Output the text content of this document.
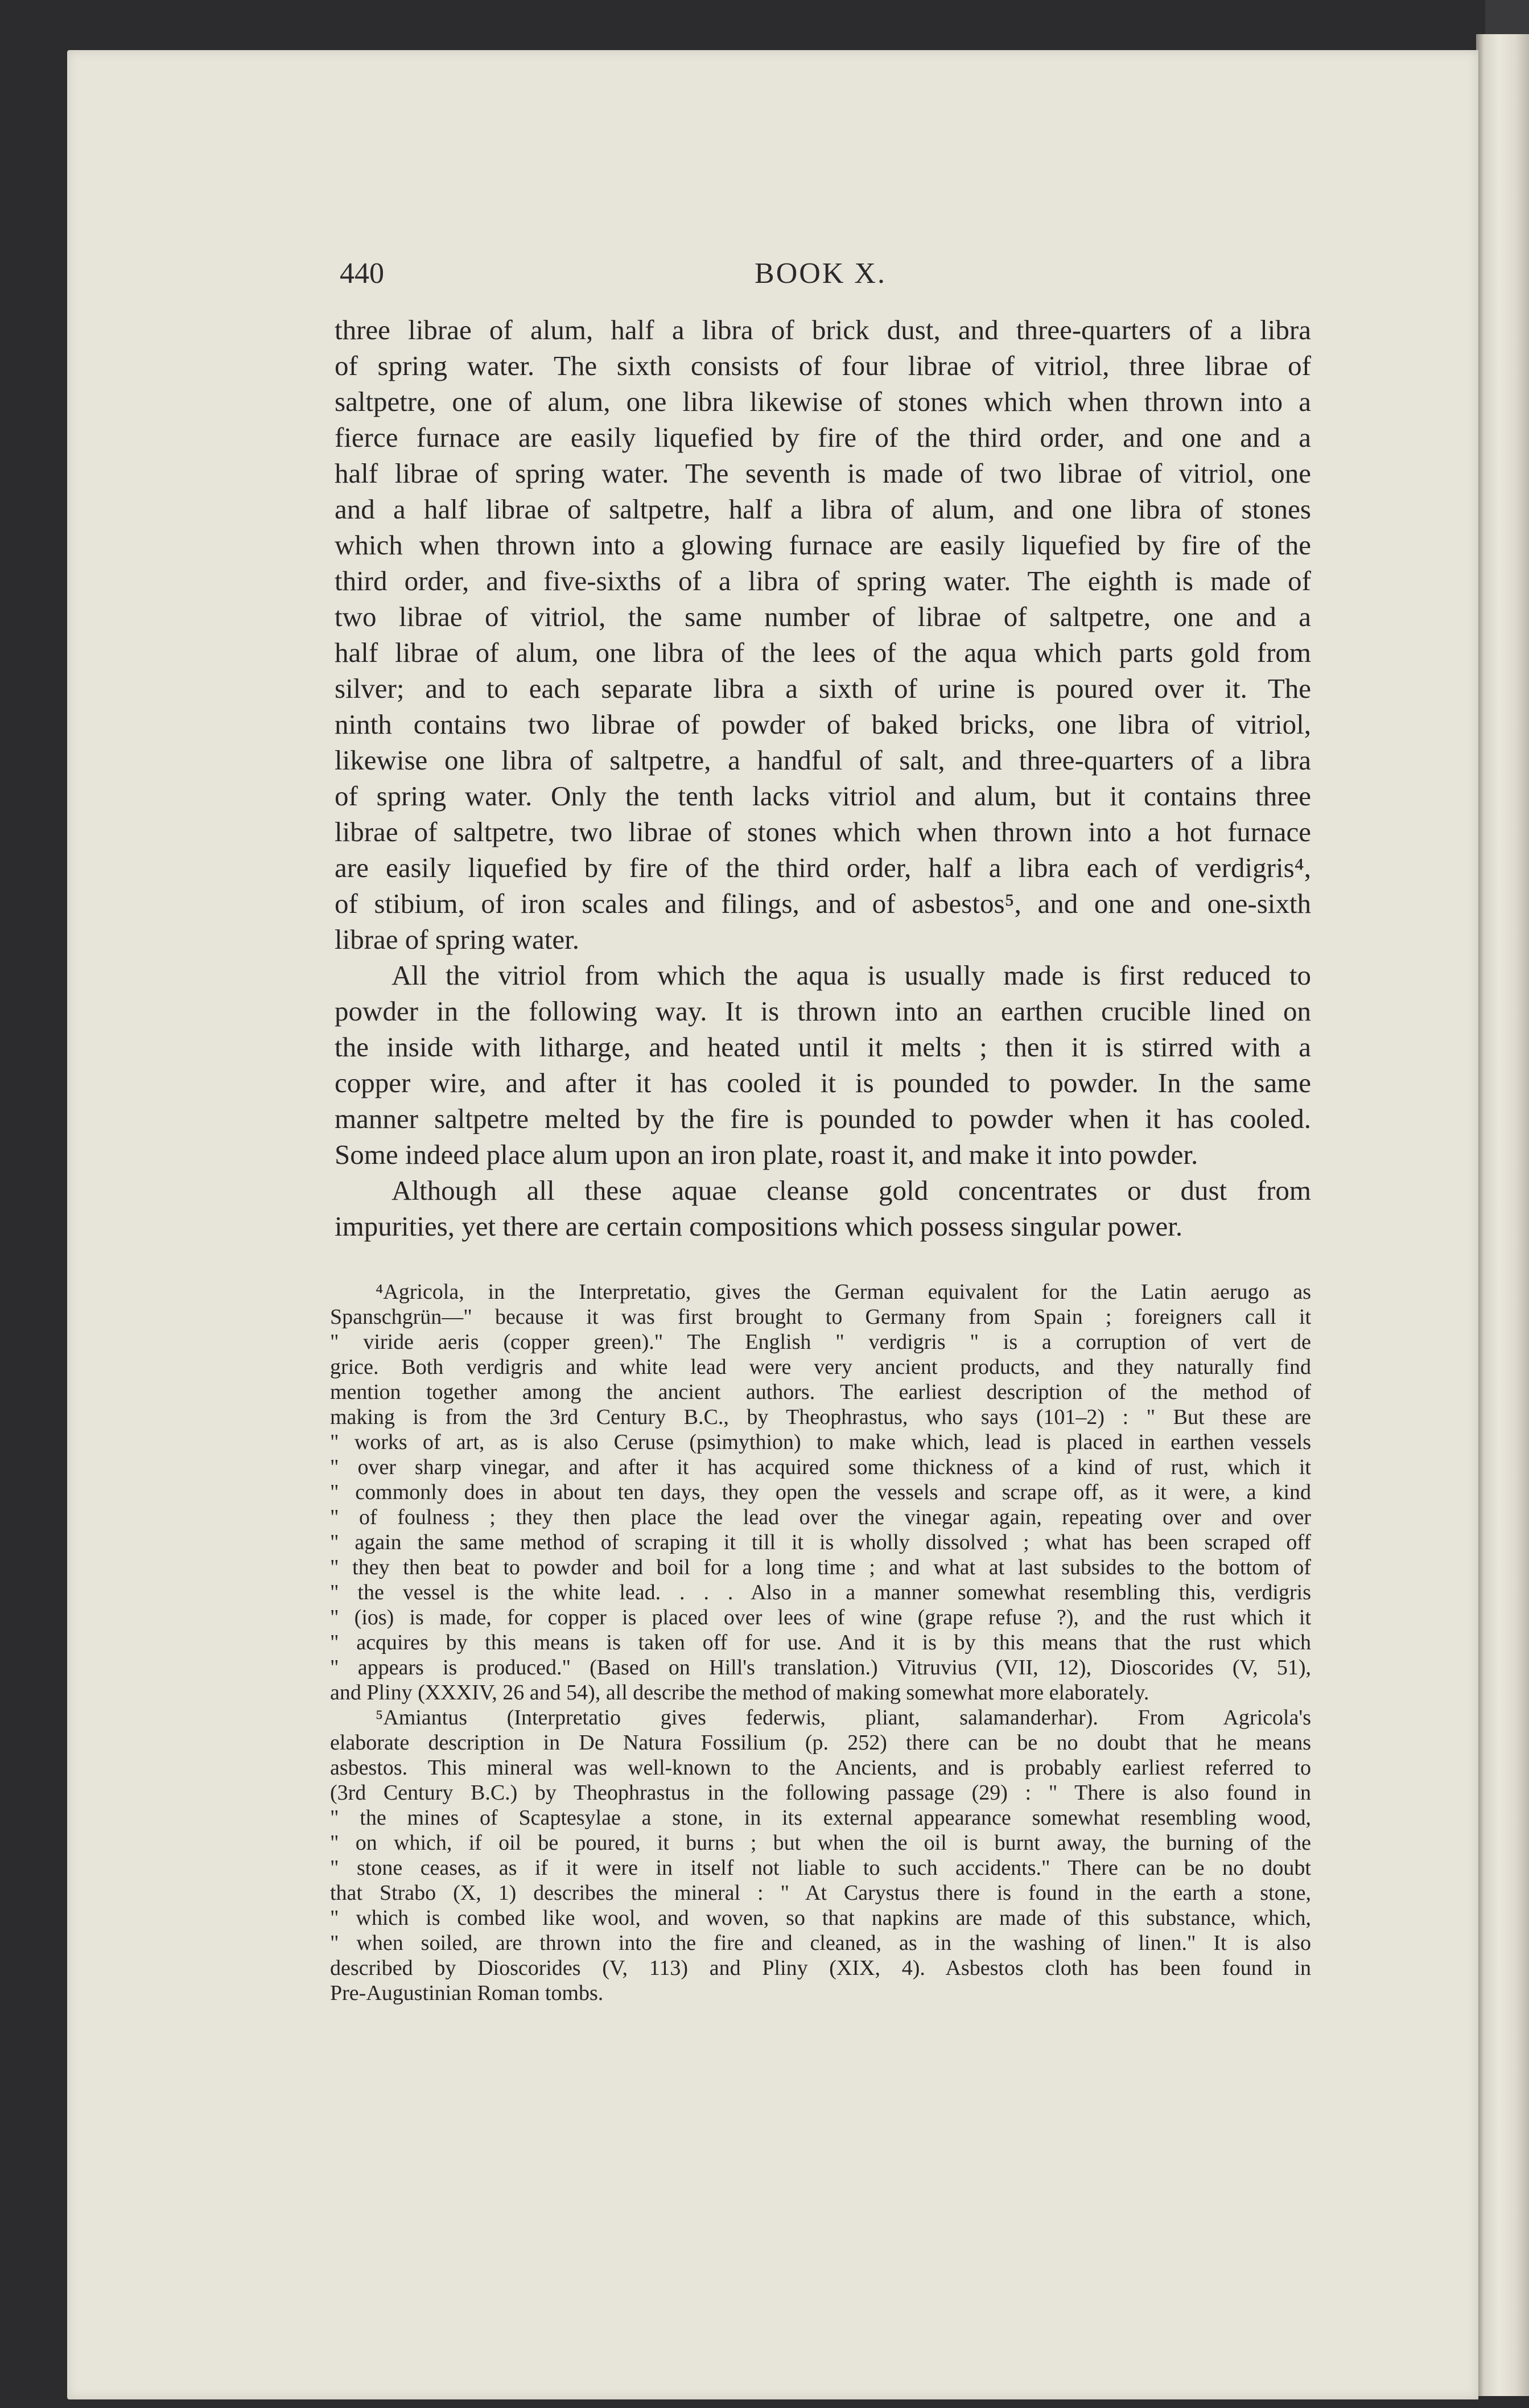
440	BOOK X.
three librae of alum, half a libra of brick dust, and three-quarters of a libra
of spring water. The sixth consists of four librae of vitriol, three librae of
saltpetre, one of alum, one libra likewise of stones which when thrown into a
fierce furnace are easily liquefied by fire of the third order, and one and a
half librae of spring water. The seventh is made of two librae of vitriol, one
and a half librae of saltpetre, half a libra of alum, and one libra of stones
which when thrown into a glowing furnace are easily liquefied by fire of the
third order, and five-sixths of a libra of spring water. The eighth is made of
two librae of vitriol, the same number of librae of saltpetre, one and a
half librae of alum, one libra of the lees of the aqua which parts gold from
silver; and to each separate libra a sixth of urine is poured over it. The
ninth contains two librae of powder of baked bricks, one libra of vitriol,
likewise one libra of saltpetre, a handful of salt, and three-quarters of a libra
of spring water. Only the tenth lacks vitriol and alum, but it contains three
librae of saltpetre, two librae of stones which when thrown into a hot furnace
are easily liquefied by fire of the third order, half a libra each of verdigris⁴,
of stibium, of iron scales and filings, and of asbestos⁵, and one and one-sixth
librae of spring water.
All the vitriol from which the aqua is usually made is first reduced to
powder in the following way. It is thrown into an earthen crucible lined on
the inside with litharge, and heated until it melts ; then it is stirred with a
copper wire, and after it has cooled it is pounded to powder. In the same
manner saltpetre melted by the fire is pounded to powder when it has cooled.
Some indeed place alum upon an iron plate, roast it, and make it into powder.
Although all these aquae cleanse gold concentrates or dust from
impurities, yet there are certain compositions which possess singular power.
⁴Agricola, in the Interpretatio, gives the German equivalent for the Latin aerugo as
Spanschgrün—" because it was first brought to Germany from Spain ; foreigners call it
" viride aeris (copper green)." The English " verdigris " is a corruption of vert de
grice. Both verdigris and white lead were very ancient products, and they naturally find
mention together among the ancient authors. The earliest description of the method of
making is from the 3rd Century B.C., by Theophrastus, who says (101–2) : " But these are
" works of art, as is also Ceruse (psimythion) to make which, lead is placed in earthen vessels
" over sharp vinegar, and after it has acquired some thickness of a kind of rust, which it
" commonly does in about ten days, they open the vessels and scrape off, as it were, a kind
" of foulness ; they then place the lead over the vinegar again, repeating over and over
" again the same method of scraping it till it is wholly dissolved ; what has been scraped off
" they then beat to powder and boil for a long time ; and what at last subsides to the bottom of
" the vessel is the white lead. . . . Also in a manner somewhat resembling this, verdigris
" (ios) is made, for copper is placed over lees of wine (grape refuse ?), and the rust which it
" acquires by this means is taken off for use. And it is by this means that the rust which
" appears is produced." (Based on Hill's translation.) Vitruvius (VII, 12), Dioscorides (V, 51),
and Pliny (XXXIV, 26 and 54), all describe the method of making somewhat more elaborately.
⁵Amiantus (Interpretatio gives federwis, pliant, salamanderhar). From Agricola's
elaborate description in De Natura Fossilium (p. 252) there can be no doubt that he means
asbestos. This mineral was well-known to the Ancients, and is probably earliest referred to
(3rd Century B.C.) by Theophrastus in the following passage (29) : " There is also found in
" the mines of Scaptesylae a stone, in its external appearance somewhat resembling wood,
" on which, if oil be poured, it burns ; but when the oil is burnt away, the burning of the
" stone ceases, as if it were in itself not liable to such accidents." There can be no doubt
that Strabo (X, 1) describes the mineral : " At Carystus there is found in the earth a stone,
" which is combed like wool, and woven, so that napkins are made of this substance, which,
" when soiled, are thrown into the fire and cleaned, as in the washing of linen." It is also
described by Dioscorides (V, 113) and Pliny (XIX, 4). Asbestos cloth has been found in
Pre-Augustinian Roman tombs.
